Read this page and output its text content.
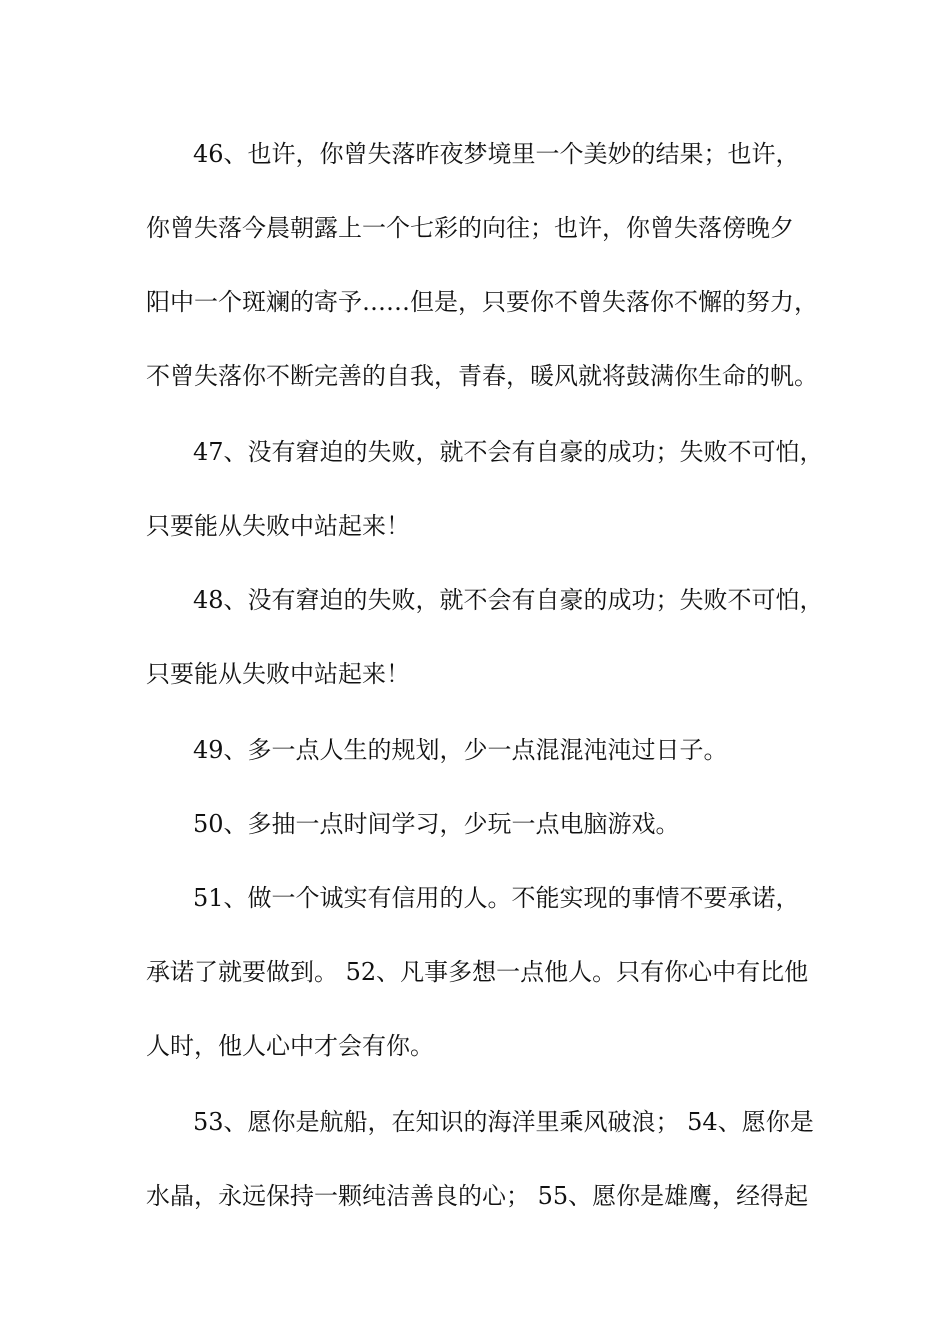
46、也许，你曾失落昨夜梦境里一个美妙的结果；也许，
你曾失落今晨朝露上一个七彩的向往；也许，你曾失落傍晚夕
阳中一个斑斓的寄予……但是，只要你不曾失落你不懈的努力，
不曾失落你不断完善的自我，青春，暖风就将鼓满你生命的帆。
47、没有窘迫的失败，就不会有自豪的成功；失败不可怕，
只要能从失败中站起来！
48、没有窘迫的失败，就不会有自豪的成功；失败不可怕，
只要能从失败中站起来！
49、多一点人生的规划，少一点混混沌沌过日子。
50、多抽一点时间学习，少玩一点电脑游戏。
51、做一个诚实有信用的人。不能实现的事情不要承诺，
承诺了就要做到。 52、凡事多想一点他人。只有你心中有比他
人时，他人心中才会有你。
53、愿你是航船，在知识的海洋里乘风破浪； 54、愿你是
水晶，永远保持一颗纯洁善良的心； 55、愿你是雄鹰，经得起
